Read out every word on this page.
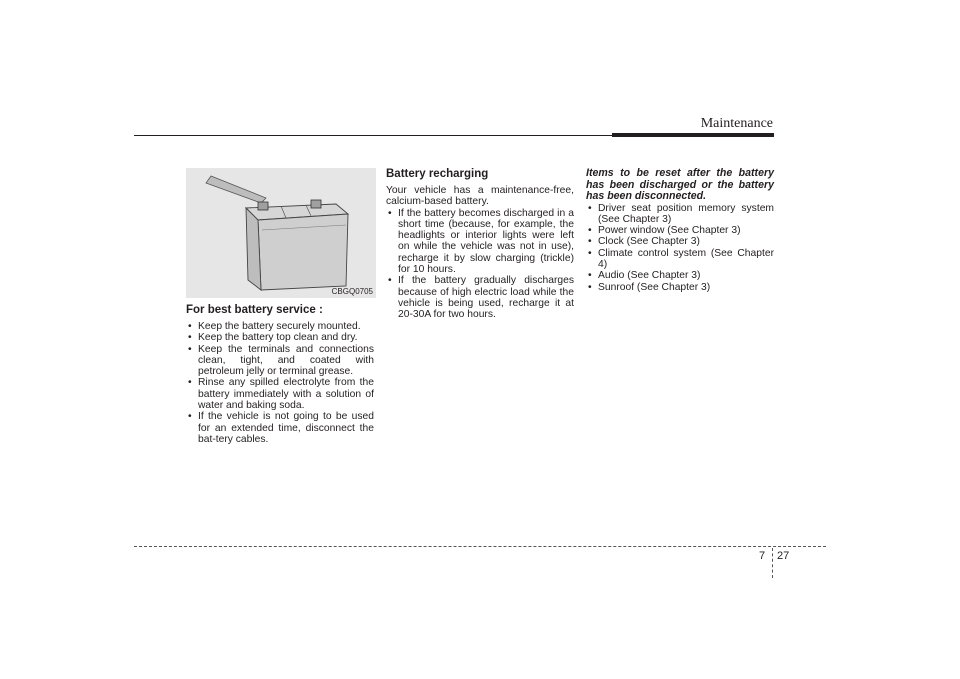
Maintenance
CBGQ0705
For best battery service :
• Keep the battery securely mounted.
• Keep the battery top clean and dry.
• Keep the terminals and connections clean, tight, and coated with petroleum jelly or terminal grease.
• Rinse any spilled electrolyte from the battery immediately with a solution of water and baking soda.
• If the vehicle is not going to be used for an extended time, disconnect the bat-tery cables.
Battery recharging

Your vehicle has a maintenance-free, calcium-based battery.

• If the battery becomes discharged in a short time (because, for example, the headlights or interior lights were left on while the vehicle was not in use), recharge it by slow charging (trickle) for 10 hours.
• If the battery gradually discharges because of high electric load while the vehicle is being used, recharge it at 20-30A for two hours.
Items to be reset after the battery has been discharged or the battery has been disconnected.
• Driver seat position memory system (See Chapter 3)
• Power window (See Chapter 3)
• Clock (See Chapter 3)
• Climate control system (See Chapter 4)
• Audio (See Chapter 3)
• Sunroof (See Chapter 3)
7 27
